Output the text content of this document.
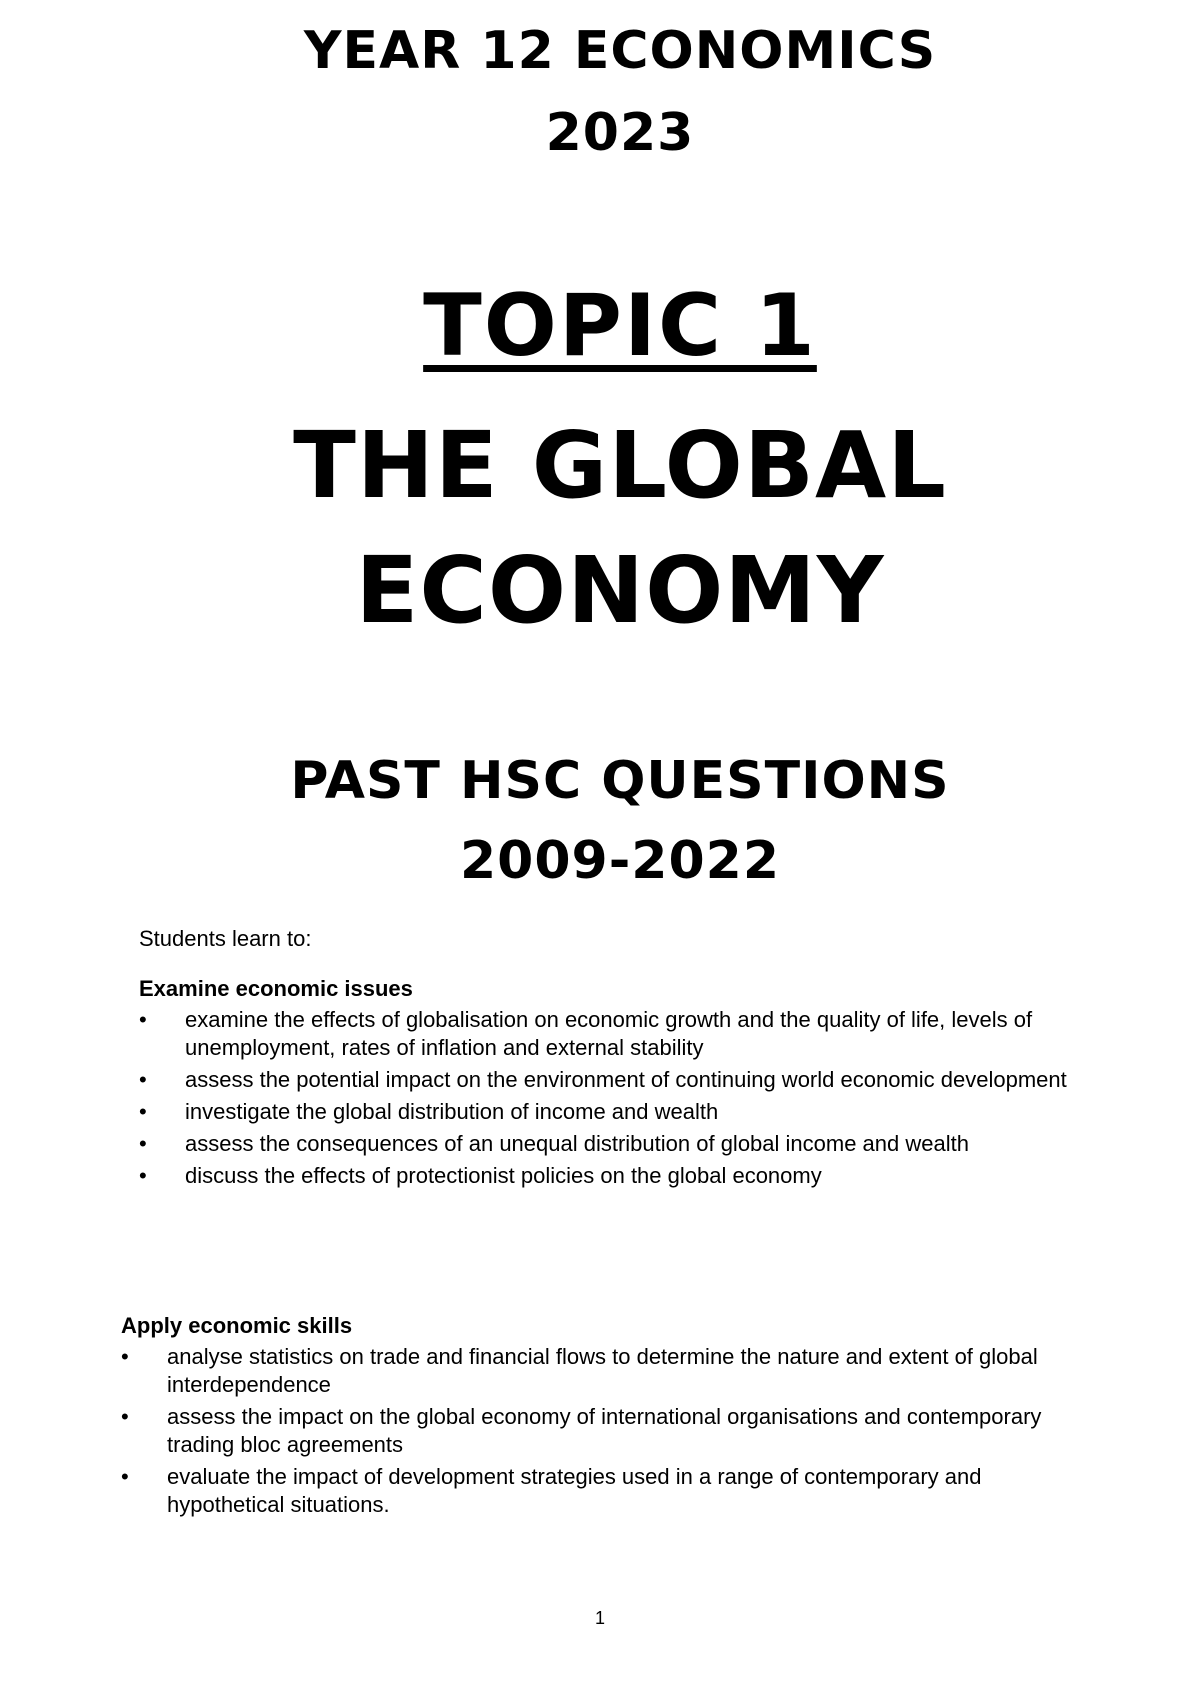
YEAR 12 ECONOMICS
2023
TOPIC 1
THE GLOBAL
ECONOMY
PAST HSC QUESTIONS
2009-2022

Students learn to:

Examine economic issues

•	examine the effects of globalisation on economic growth and the quality of life, levels of unemployment, rates of inflation and external stability
•	assess the potential impact on the environment of continuing world economic development
•	investigate the global distribution of income and wealth
•	assess the consequences of an unequal distribution of global income and wealth
•	discuss the effects of protectionist policies on the global economy

Apply economic skills

•	analyse statistics on trade and financial flows to determine the nature and extent of global interdependence
•	assess the impact on the global economy of international organisations and contemporary trading bloc agreements
•	evaluate the impact of development strategies used in a range of contemporary and hypothetical situations.
1
